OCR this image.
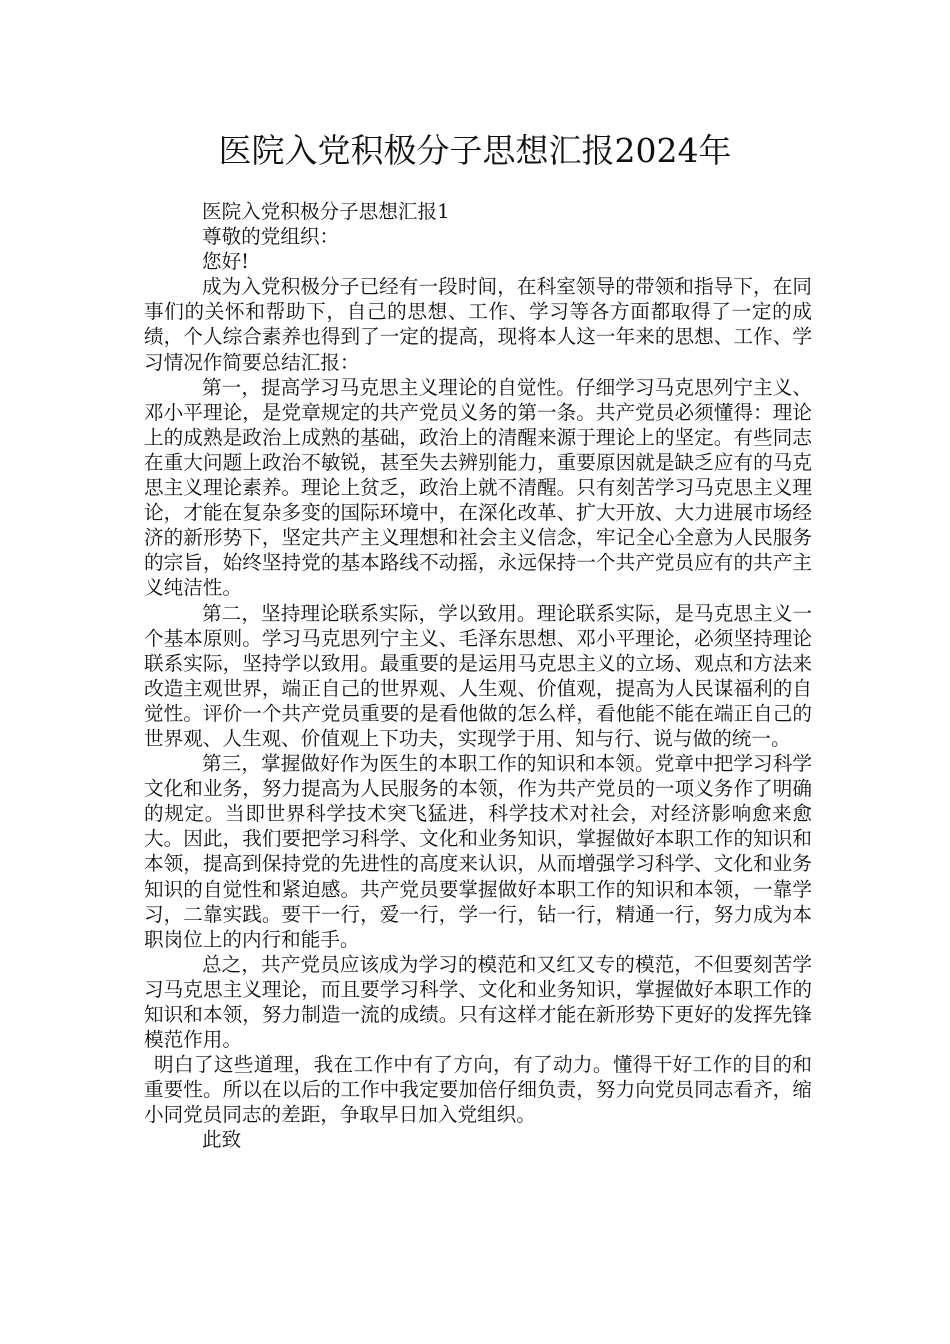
医院入党积极分子思想汇报2024年

医院入党积极分子思想汇报1

尊敬的党组织：

您好!

成为入党积极分子已经有一段时间，在科室领导的带领和指导下，在同事们的关怀和帮助下，自己的思想、工作、学习等各方面都取得了一定的成绩，个人综合素养也得到了一定的提高，现将本人这一年来的思想、工作、学习情况作简要总结汇报：

第一，提高学习马克思主义理论的自觉性。仔细学习马克思列宁主义、邓小平理论，是党章规定的共产党员义务的第一条。共产党员必须懂得：理论上的成熟是政治上成熟的基础，政治上的清醒来源于理论上的坚定。有些同志在重大问题上政治不敏锐，甚至失去辨别能力，重要原因就是缺乏应有的马克思主义理论素养。理论上贫乏，政治上就不清醒。只有刻苦学习马克思主义理论，才能在复杂多变的国际环境中，在深化改革、扩大开放、大力进展市场经济的新形势下，坚定共产主义理想和社会主义信念，牢记全心全意为人民服务的宗旨，始终坚持党的基本路线不动摇，永远保持一个共产党员应有的共产主义纯洁性。

第二，坚持理论联系实际，学以致用。理论联系实际，是马克思主义一个基本原则。学习马克思列宁主义、毛泽东思想、邓小平理论，必须坚持理论联系实际，坚持学以致用。最重要的是运用马克思主义的立场、观点和方法来改造主观世界，端正自己的世界观、人生观、价值观，提高为人民谋福利的自觉性。评价一个共产党员重要的是看他做的怎么样，看他能不能在端正自己的世界观、人生观、价值观上下功夫，实现学于用、知与行、说与做的统一。

第三，掌握做好作为医生的本职工作的知识和本领。党章中把学习科学文化和业务，努力提高为人民服务的本领，作为共产党员的一项义务作了明确的规定。当即世界科学技术突飞猛进，科学技术对社会，对经济影响愈来愈大。因此，我们要把学习科学、文化和业务知识，掌握做好本职工作的知识和本领，提高到保持党的先进性的高度来认识，从而增强学习科学、文化和业务知识的自觉性和紧迫感。共产党员要掌握做好本职工作的知识和本领，一靠学习，二靠实践。要干一行，爱一行，学一行，钻一行，精通一行，努力成为本职岗位上的内行和能手。

总之，共产党员应该成为学习的模范和又红又专的模范，不但要刻苦学习马克思主义理论，而且要学习科学、文化和业务知识，掌握做好本职工作的知识和本领，努力制造一流的成绩。只有这样才能在新形势下更好的发挥先锋模范作用。

明白了这些道理，我在工作中有了方向，有了动力。懂得干好工作的目的和重要性。所以在以后的工作中我定要加倍仔细负责，努力向党员同志看齐，缩小同党员同志的差距，争取早日加入党组织。

此致
